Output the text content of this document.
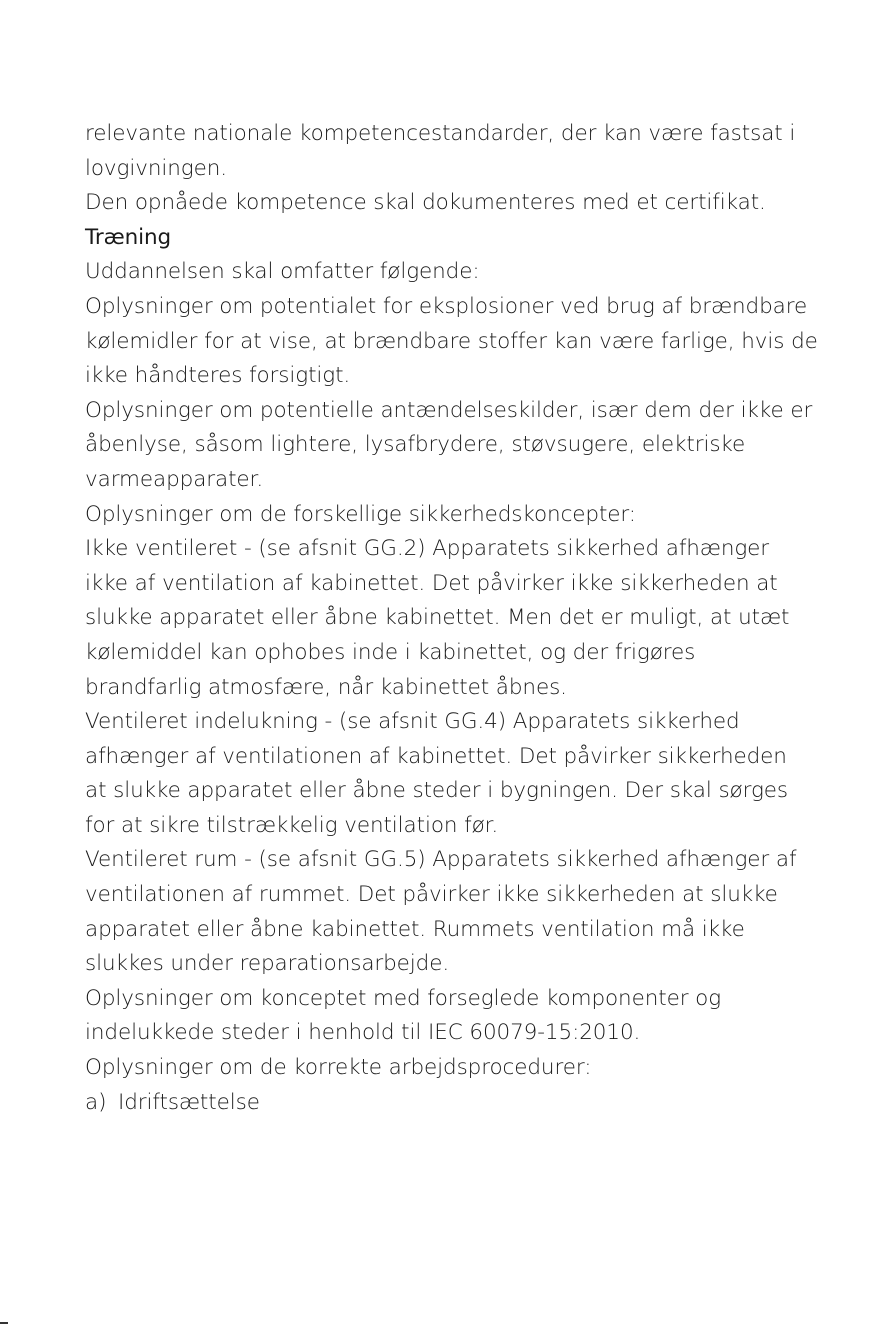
relevante nationale kompetencestandarder, der kan være fastsat i
lovgivningen.
Den opnåede kompetence skal dokumenteres med et certifikat.
Træning
Uddannelsen skal omfatter følgende:
Oplysninger om potentialet for eksplosioner ved brug af brændbare
kølemidler for at vise, at brændbare stoffer kan være farlige, hvis de
ikke håndteres forsigtigt.
Oplysninger om potentielle antændelseskilder, især dem der ikke er
åbenlyse, såsom lightere, lysafbrydere, støvsugere, elektriske
varmeapparater.
Oplysninger om de forskellige sikkerhedskoncepter:
Ikke ventileret - (se afsnit GG.2) Apparatets sikkerhed afhænger
ikke af ventilation af kabinettet. Det påvirker ikke sikkerheden at
slukke apparatet eller åbne kabinettet. Men det er muligt, at utæt
kølemiddel kan ophobes inde i kabinettet, og der frigøres
brandfarlig atmosfære, når kabinettet åbnes.
Ventileret indelukning - (se afsnit GG.4) Apparatets sikkerhed
afhænger af ventilationen af kabinettet. Det påvirker sikkerheden
at slukke apparatet eller åbne steder i bygningen. Der skal sørges
for at sikre tilstrækkelig ventilation før.
Ventileret rum - (se afsnit GG.5) Apparatets sikkerhed afhænger af
ventilationen af rummet. Det påvirker ikke sikkerheden at slukke
apparatet eller åbne kabinettet. Rummets ventilation må ikke
slukkes under reparationsarbejde.
Oplysninger om konceptet med forseglede komponenter og
indelukkede steder i henhold til IEC 60079-15:2010.
Oplysninger om de korrekte arbejdsprocedurer:
a) Idriftsættelse
